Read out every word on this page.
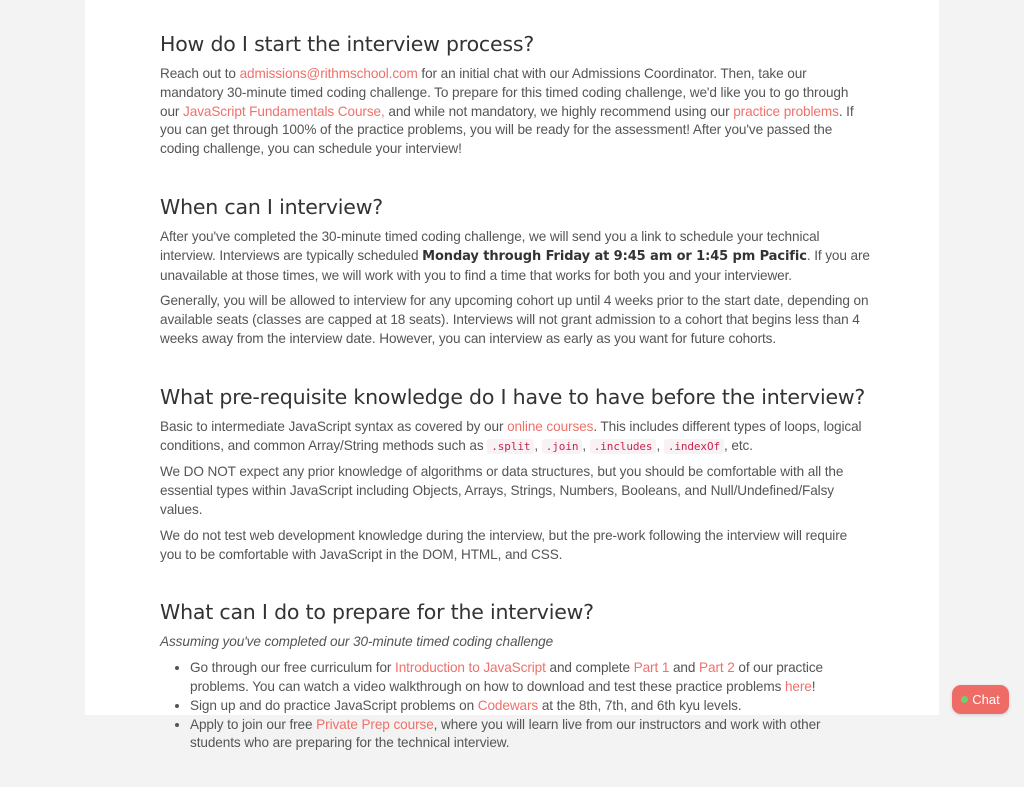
How do I start the interview process?

Reach out to admissions@rithmschool.com for an initial chat with our Admissions Coordinator. Then, take our mandatory 30-minute timed coding challenge. To prepare for this timed coding challenge, we'd like you to go through our JavaScript Fundamentals Course, and while not mandatory, we highly recommend using our practice problems. If you can get through 100% of the practice problems, you will be ready for the assessment! After you've passed the coding challenge, you can schedule your interview!

When can I interview?

After you've completed the 30-minute timed coding challenge, we will send you a link to schedule your technical interview. Interviews are typically scheduled Monday through Friday at 9:45 am or 1:45 pm Pacific. If you are unavailable at those times, we will work with you to find a time that works for both you and your interviewer.

Generally, you will be allowed to interview for any upcoming cohort up until 4 weeks prior to the start date, depending on available seats (classes are capped at 18 seats). Interviews will not grant admission to a cohort that begins less than 4 weeks away from the interview date. However, you can interview as early as you want for future cohorts.

What pre-requisite knowledge do I have to have before the interview?

Basic to intermediate JavaScript syntax as covered by our online courses. This includes different types of loops, logical conditions, and common Array/String methods such as .split , .join , .includes , .indexOf , etc.

We DO NOT expect any prior knowledge of algorithms or data structures, but you should be comfortable with all the essential types within JavaScript including Objects, Arrays, Strings, Numbers, Booleans, and Null/Undefined/Falsy values.

We do not test web development knowledge during the interview, but the pre-work following the interview will require you to be comfortable with JavaScript in the DOM, HTML, and CSS.

What can I do to prepare for the interview?

Assuming you've completed our 30-minute timed coding challenge

• Go through our free curriculum for Introduction to JavaScript and complete Part 1 and Part 2 of our practice problems. You can watch a video walkthrough on how to download and test these practice problems here!
• Sign up and do practice JavaScript problems on Codewars at the 8th, 7th, and 6th kyu levels.
• Apply to join our free Private Prep course, where you will learn live from our instructors and work with other students who are preparing for the technical interview.
Chat
